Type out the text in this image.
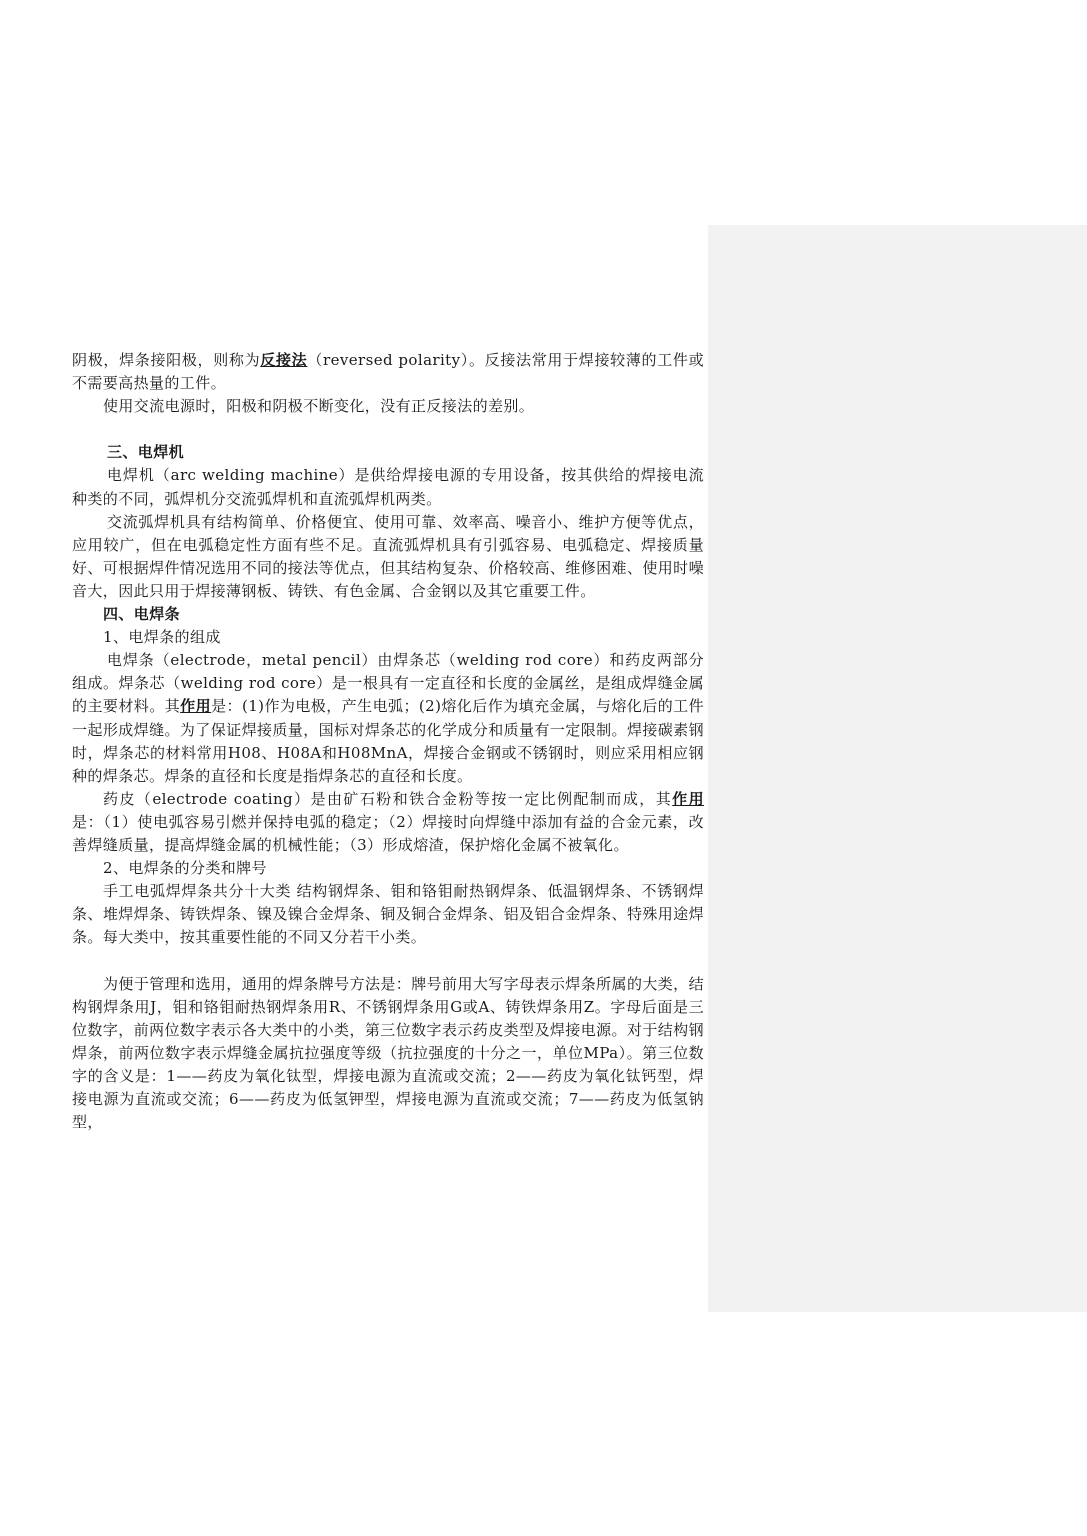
阴极，焊条接阳极，则称为反接法（reversed polarity）。反接法常用于焊接较薄的工件或不需要高热量的工件。

使用交流电源时，阳极和阴极不断变化，没有正反接法的差别。

三、电焊机

电焊机（arc welding machine）是供给焊接电源的专用设备，按其供给的焊接电流种类的不同，弧焊机分交流弧焊机和直流弧焊机两类。

交流弧焊机具有结构简单、价格便宜、使用可靠、效率高、噪音小、维护方便等优点，应用较广，但在电弧稳定性方面有些不足。直流弧焊机具有引弧容易、电弧稳定、焊接质量好、可根据焊件情况选用不同的接法等优点，但其结构复杂、价格较高、维修困难、使用时噪音大，因此只用于焊接薄钢板、铸铁、有色金属、合金钢以及其它重要工件。

四、电焊条

1、电焊条的组成

电焊条（electrode，metal pencil）由焊条芯（welding rod core）和药皮两部分组成。焊条芯（welding rod core）是一根具有一定直径和长度的金属丝，是组成焊缝金属的主要材料。其作用是：(1)作为电极，产生电弧；(2)熔化后作为填充金属，与熔化后的工件一起形成焊缝。为了保证焊接质量，国标对焊条芯的化学成分和质量有一定限制。焊接碳素钢时，焊条芯的材料常用H08、H08A和H08MnA，焊接合金钢或不锈钢时，则应采用相应钢种的焊条芯。焊条的直径和长度是指焊条芯的直径和长度。

药皮（electrode coating）是由矿石粉和铁合金粉等按一定比例配制而成，其作用是：（1）使电弧容易引燃并保持电弧的稳定；（2）焊接时向焊缝中添加有益的合金元素，改善焊缝质量，提高焊缝金属的机械性能；（3）形成熔渣，保护熔化金属不被氧化。

2、电焊条的分类和牌号

手工电弧焊焊条共分十大类 结构钢焊条、钼和铬钼耐热钢焊条、低温钢焊条、不锈钢焊条、堆焊焊条、铸铁焊条、镍及镍合金焊条、铜及铜合金焊条、铝及铝合金焊条、特殊用途焊条。每大类中，按其重要性能的不同又分若干小类。

为便于管理和选用，通用的焊条牌号方法是：牌号前用大写字母表示焊条所属的大类，结构钢焊条用J，钼和铬钼耐热钢焊条用R、不锈钢焊条用G或A、铸铁焊条用Z。字母后面是三位数字，前两位数字表示各大类中的小类，第三位数字表示药皮类型及焊接电源。对于结构钢焊条，前两位数字表示焊缝金属抗拉强度等级（抗拉强度的十分之一，单位MPa）。第三位数字的含义是：1——药皮为氧化钛型，焊接电源为直流或交流；2——药皮为氧化钛钙型，焊接电源为直流或交流；6——药皮为低氢钾型，焊接电源为直流或交流；7——药皮为低氢钠型，
